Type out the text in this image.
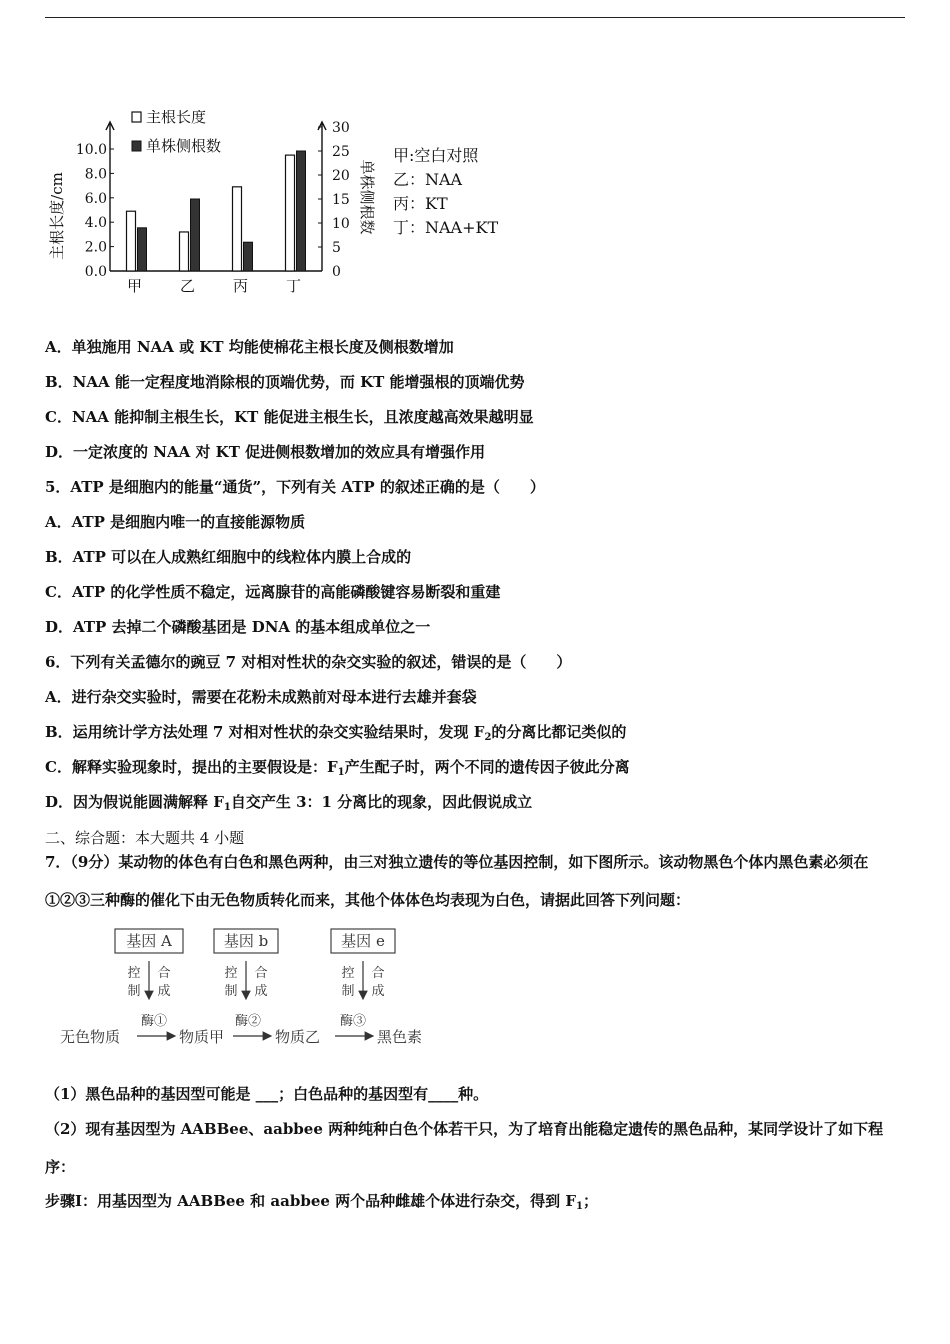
0.0
2.0
4.0
6.0
8.0
10.0
0
5
10
15
20
25
30
甲	乙	丙	丁
主根长度/cm	单株侧根数
主根长度
单株侧根数	甲:空白对照
乙：NAA
丙：KT
丁：NAA+KT
A．单独施用 NAA 或 KT 均能使棉花主根长度及侧根数增加
B．NAA 能一定程度地消除根的顶端优势，而 KT 能增强根的顶端优势
C．NAA 能抑制主根生长，KT 能促进主根生长，且浓度越高效果越明显
D．一定浓度的 NAA 对 KT 促进侧根数增加的效应具有增强作用
5．ATP 是细胞内的能量“通货”，下列有关 ATP 的叙述正确的是（　　）
A．ATP 是细胞内唯一的直接能源物质
B．ATP 可以在人成熟红细胞中的线粒体内膜上合成的
C．ATP 的化学性质不稳定，远离腺苷的高能磷酸键容易断裂和重建
D．ATP 去掉二个磷酸基团是 DNA 的基本组成单位之一
6．下列有关孟德尔的豌豆 7 对相对性状的杂交实验的叙述，错误的是（　　）
A．进行杂交实验时，需要在花粉未成熟前对母本进行去雄并套袋
B．运用统计学方法处理 7 对相对性状的杂交实验结果时，发现 $F_2$的分离比都记类似的
C．解释实验现象时，提出的主要假设是：$F_1$产生配子时，两个不同的遗传因子彼此分离
D．因为假说能圆满解释 $F_1$自交产生 3：1 分离比的现象，因此假说成立
二、综合题：本大题共 4 小题
7．（9分）某动物的体色有白色和黑色两种，由三对独立遗传的等位基因控制，如下图所示。该动物黑色个体内黑色素必须在①②③三种酶的催化下由无色物质转化而来，其他个体体色均表现为白色，请据此回答下列问题：
基因 A	基因 b	基因 e
控
制
合
成
控
制
合
成
控
制
合
成
无色物质
酶①
物质甲
酶②
物质乙
酶③
黑色素
（1）黑色品种的基因型可能是 ___；白色品种的基因型有____种。
（2）现有基因型为 AABBee、aabbee 两种纯种白色个体若干只，为了培育出能稳定遗传的黑色品种，某同学设计了如下程序：
步骤Ⅰ：用基因型为 AABBee 和 aabbee 两个品种雌雄个体进行杂交，得到 $F_1$；
